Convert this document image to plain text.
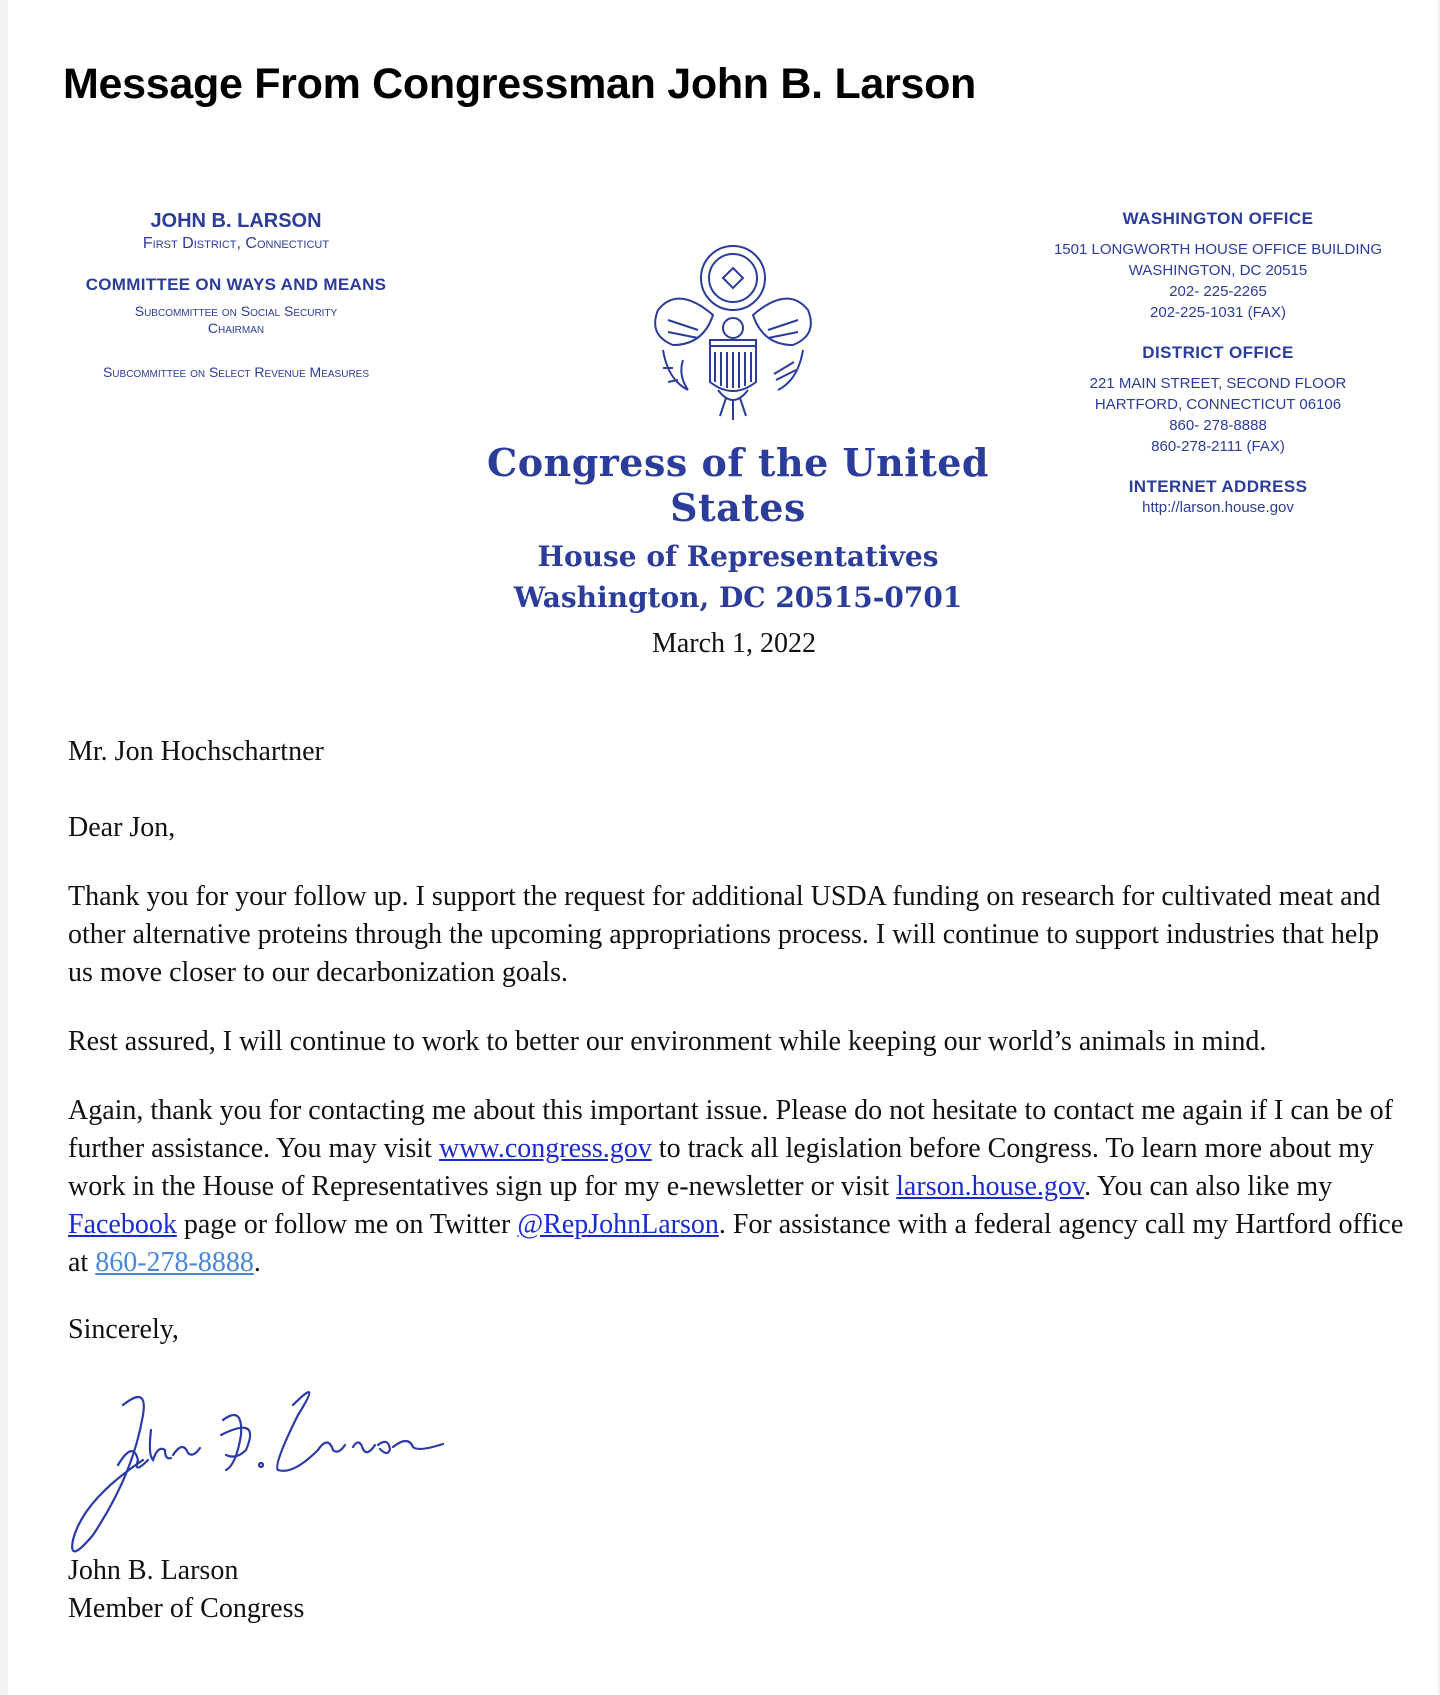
Message From Congressman John B. Larson
JOHN B. LARSON
First District, Connecticut
COMMITTEE ON WAYS AND MEANS
Subcommittee on Social Security
Chairman
Subcommittee on Select Revenue Measures
Congress of the United States
House of Representatives
Washington, DC 20515-0701
WASHINGTON OFFICE
1501 LONGWORTH HOUSE OFFICE BUILDING
WASHINGTON, DC 20515
202- 225-2265
202-225-1031 (FAX)
DISTRICT OFFICE
221 MAIN STREET, SECOND FLOOR
HARTFORD, CONNECTICUT 06106
860- 278-8888
860-278-2111 (FAX)
INTERNET ADDRESS
http://larson.house.gov
March 1, 2022

Mr. Jon Hochschartner

Dear Jon,

Thank you for your follow up. I support the request for additional USDA funding on research for cultivated meat and other alternative proteins through the upcoming appropriations process. I will continue to support industries that help us move closer to our decarbonization goals.

Rest assured, I will continue to work to better our environment while keeping our world’s animals in mind.

Again, thank you for contacting me about this important issue. Please do not hesitate to contact me again if I can be of further assistance. You may visit www.congress.gov to track all legislation before Congress. To learn more about my work in the House of Representatives sign up for my e-newsletter or visit larson.house.gov. You can also like my Facebook page or follow me on Twitter @RepJohnLarson. For assistance with a federal agency call my Hartford office at 860-278-8888.

Sincerely,

John B. Larson

Member of Congress
